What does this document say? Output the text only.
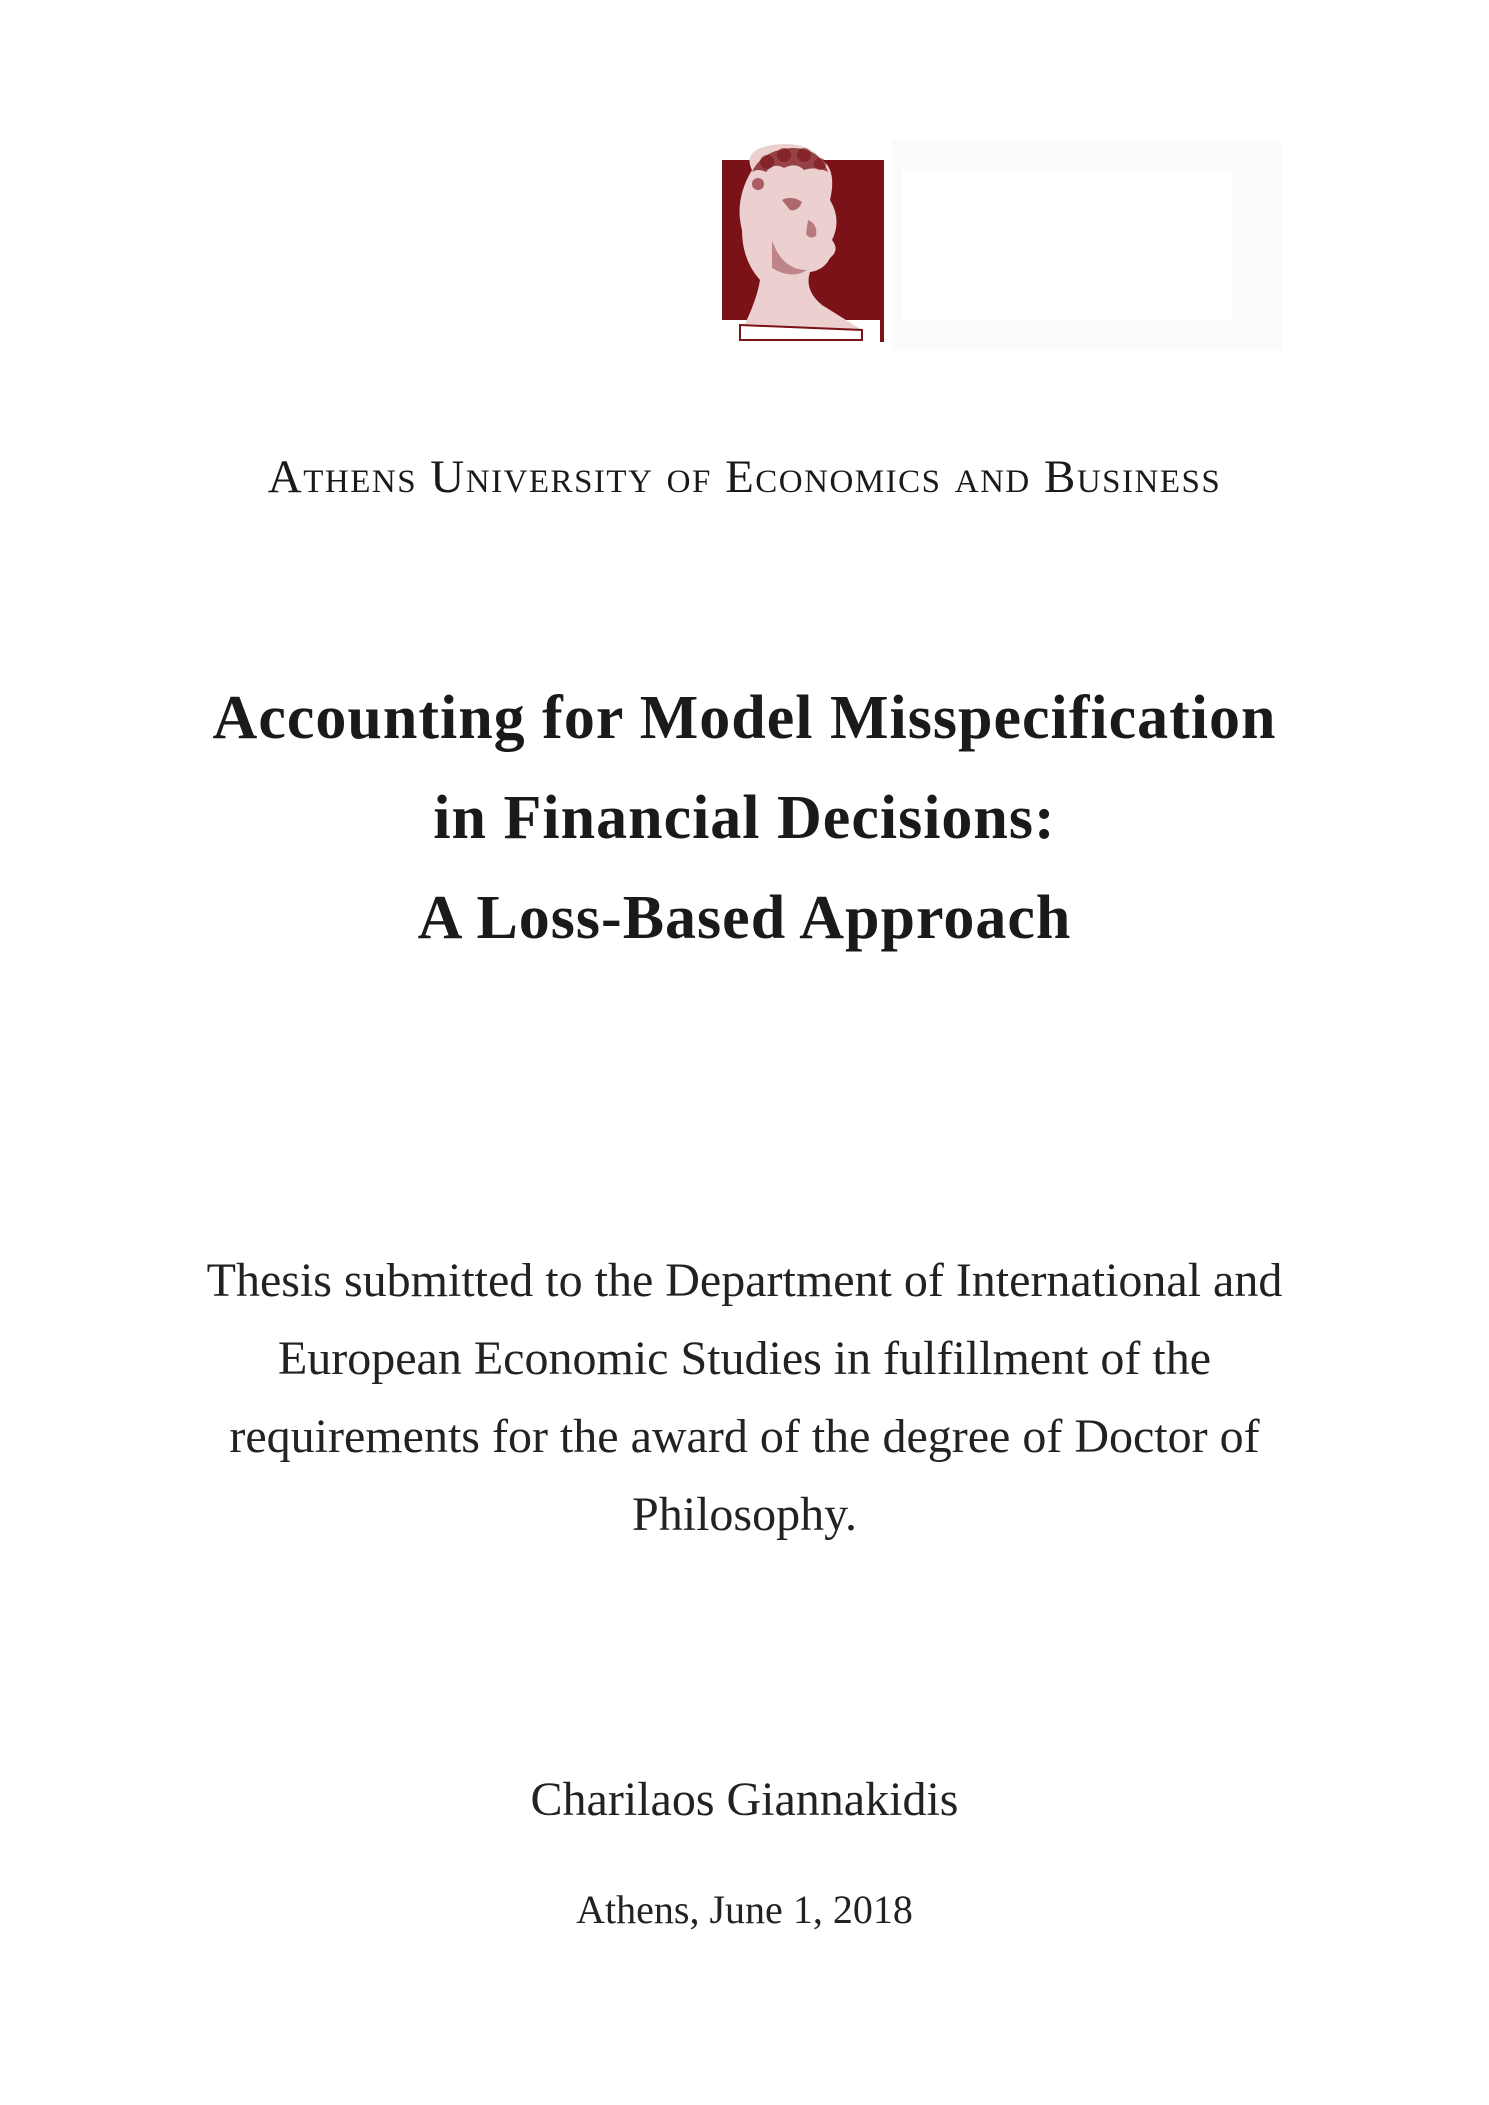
Athens University of Economics and Business
Accounting for Model Misspecification
in Financial Decisions:
A Loss-Based Approach
Thesis submitted to the Department of International and
European Economic Studies in fulfillment of the
requirements for the award of the degree of Doctor of
Philosophy.
Charilaos Giannakidis
Athens, June 1, 2018
